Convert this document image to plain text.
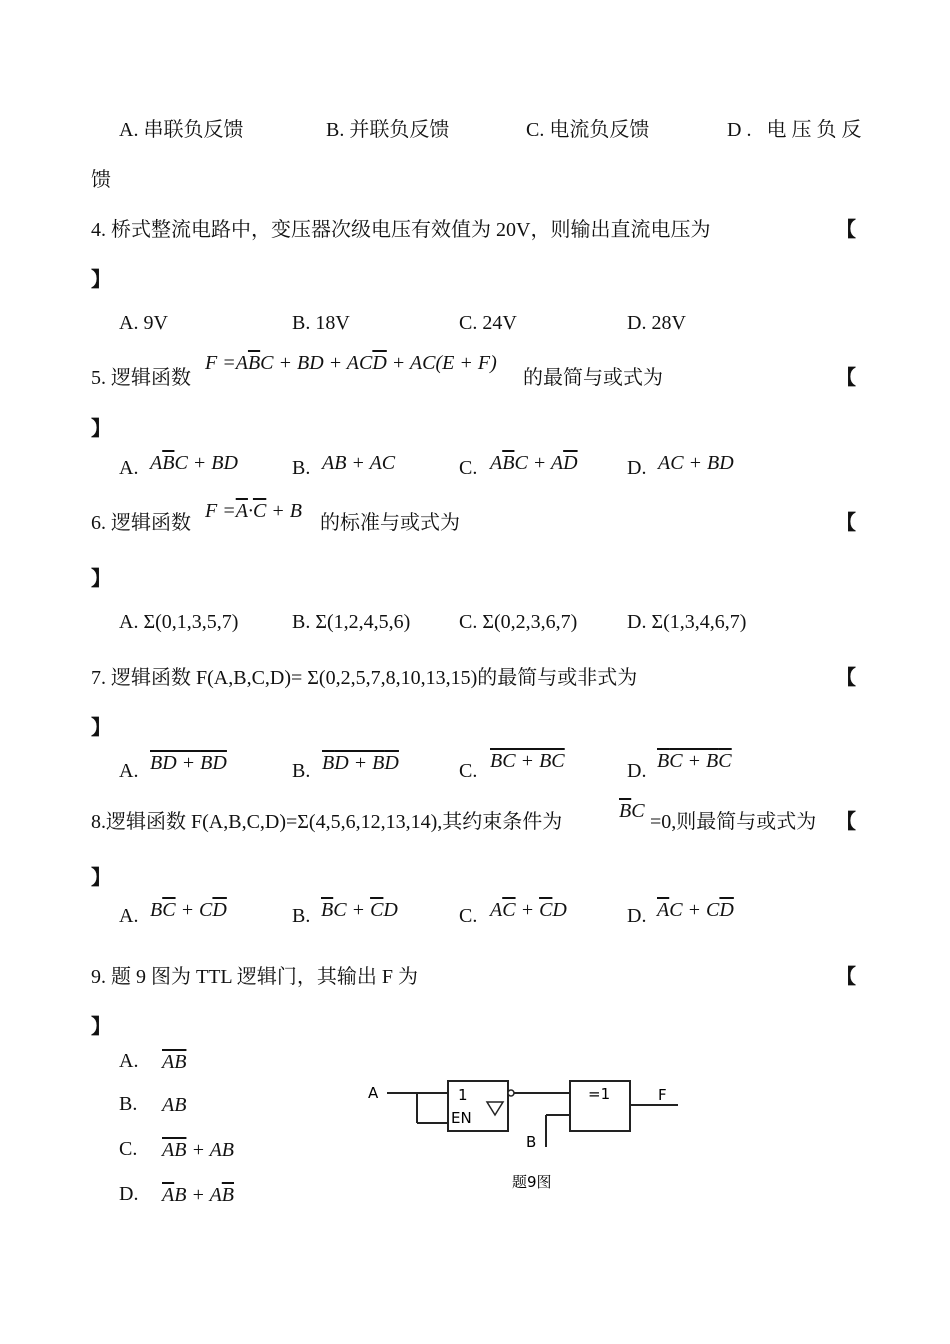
A. 串联负反馈	B. 并联负反馈	C. 电流负反馈	D. 电压负反
馈
4. 桥式整流电路中，变压器次级电压有效值为 20V，则输出直流电压为	【
】
A. 9V	B. 18V	C. 24V	D. 28V
5. 逻辑函数
$F =A\overline{B}C$ + BD + $AC\overline{D} + AC(E + F)$
的最简与或式为	【
】
A. $A\overline{B}C$ + BD	B. AB + AC	C. $A\overline{B}C + A\overline{D}$ D. AC + BD
6. 逻辑函数
$F =\overline{A}\cdot\overline{C} + B$
的标准与或式为	【
】
A. Σ(0,1,3,5,7)	B. Σ(1,2,4,5,6) C. Σ(0,2,3,6,7) D. Σ(1,3,4,6,7)
7. 逻辑函数 F(A,B,C,D)= Σ(0,2,5,7,8,10,13,15)的最简与或非式为	【
】
A. BD + BD	B. BD + BD	C. BC + BC	D. BC + BC
8.逻辑函数 F(A,B,C,D)=Σ(4,5,6,12,13,14),其约束条件为	$\overline{B}C =0$,则最简与或式为 【
】
A. $B\overline{C} + C\overline{D}$	B. $\overline{B}C + \overline{C}D$	C. $A\overline{C} + \overline{C}D$	D. $\overline{A}C + C\overline{D}$
9. 题 9 图为 TTL 逻辑门，其输出 F 为	【
】
A. $\overline{AB}$
B. AB
C. $\overline{AB}$ + AB
D. $\overline{A}B + A\overline{B}$
A	1
EN
B
=1	F
题9图
